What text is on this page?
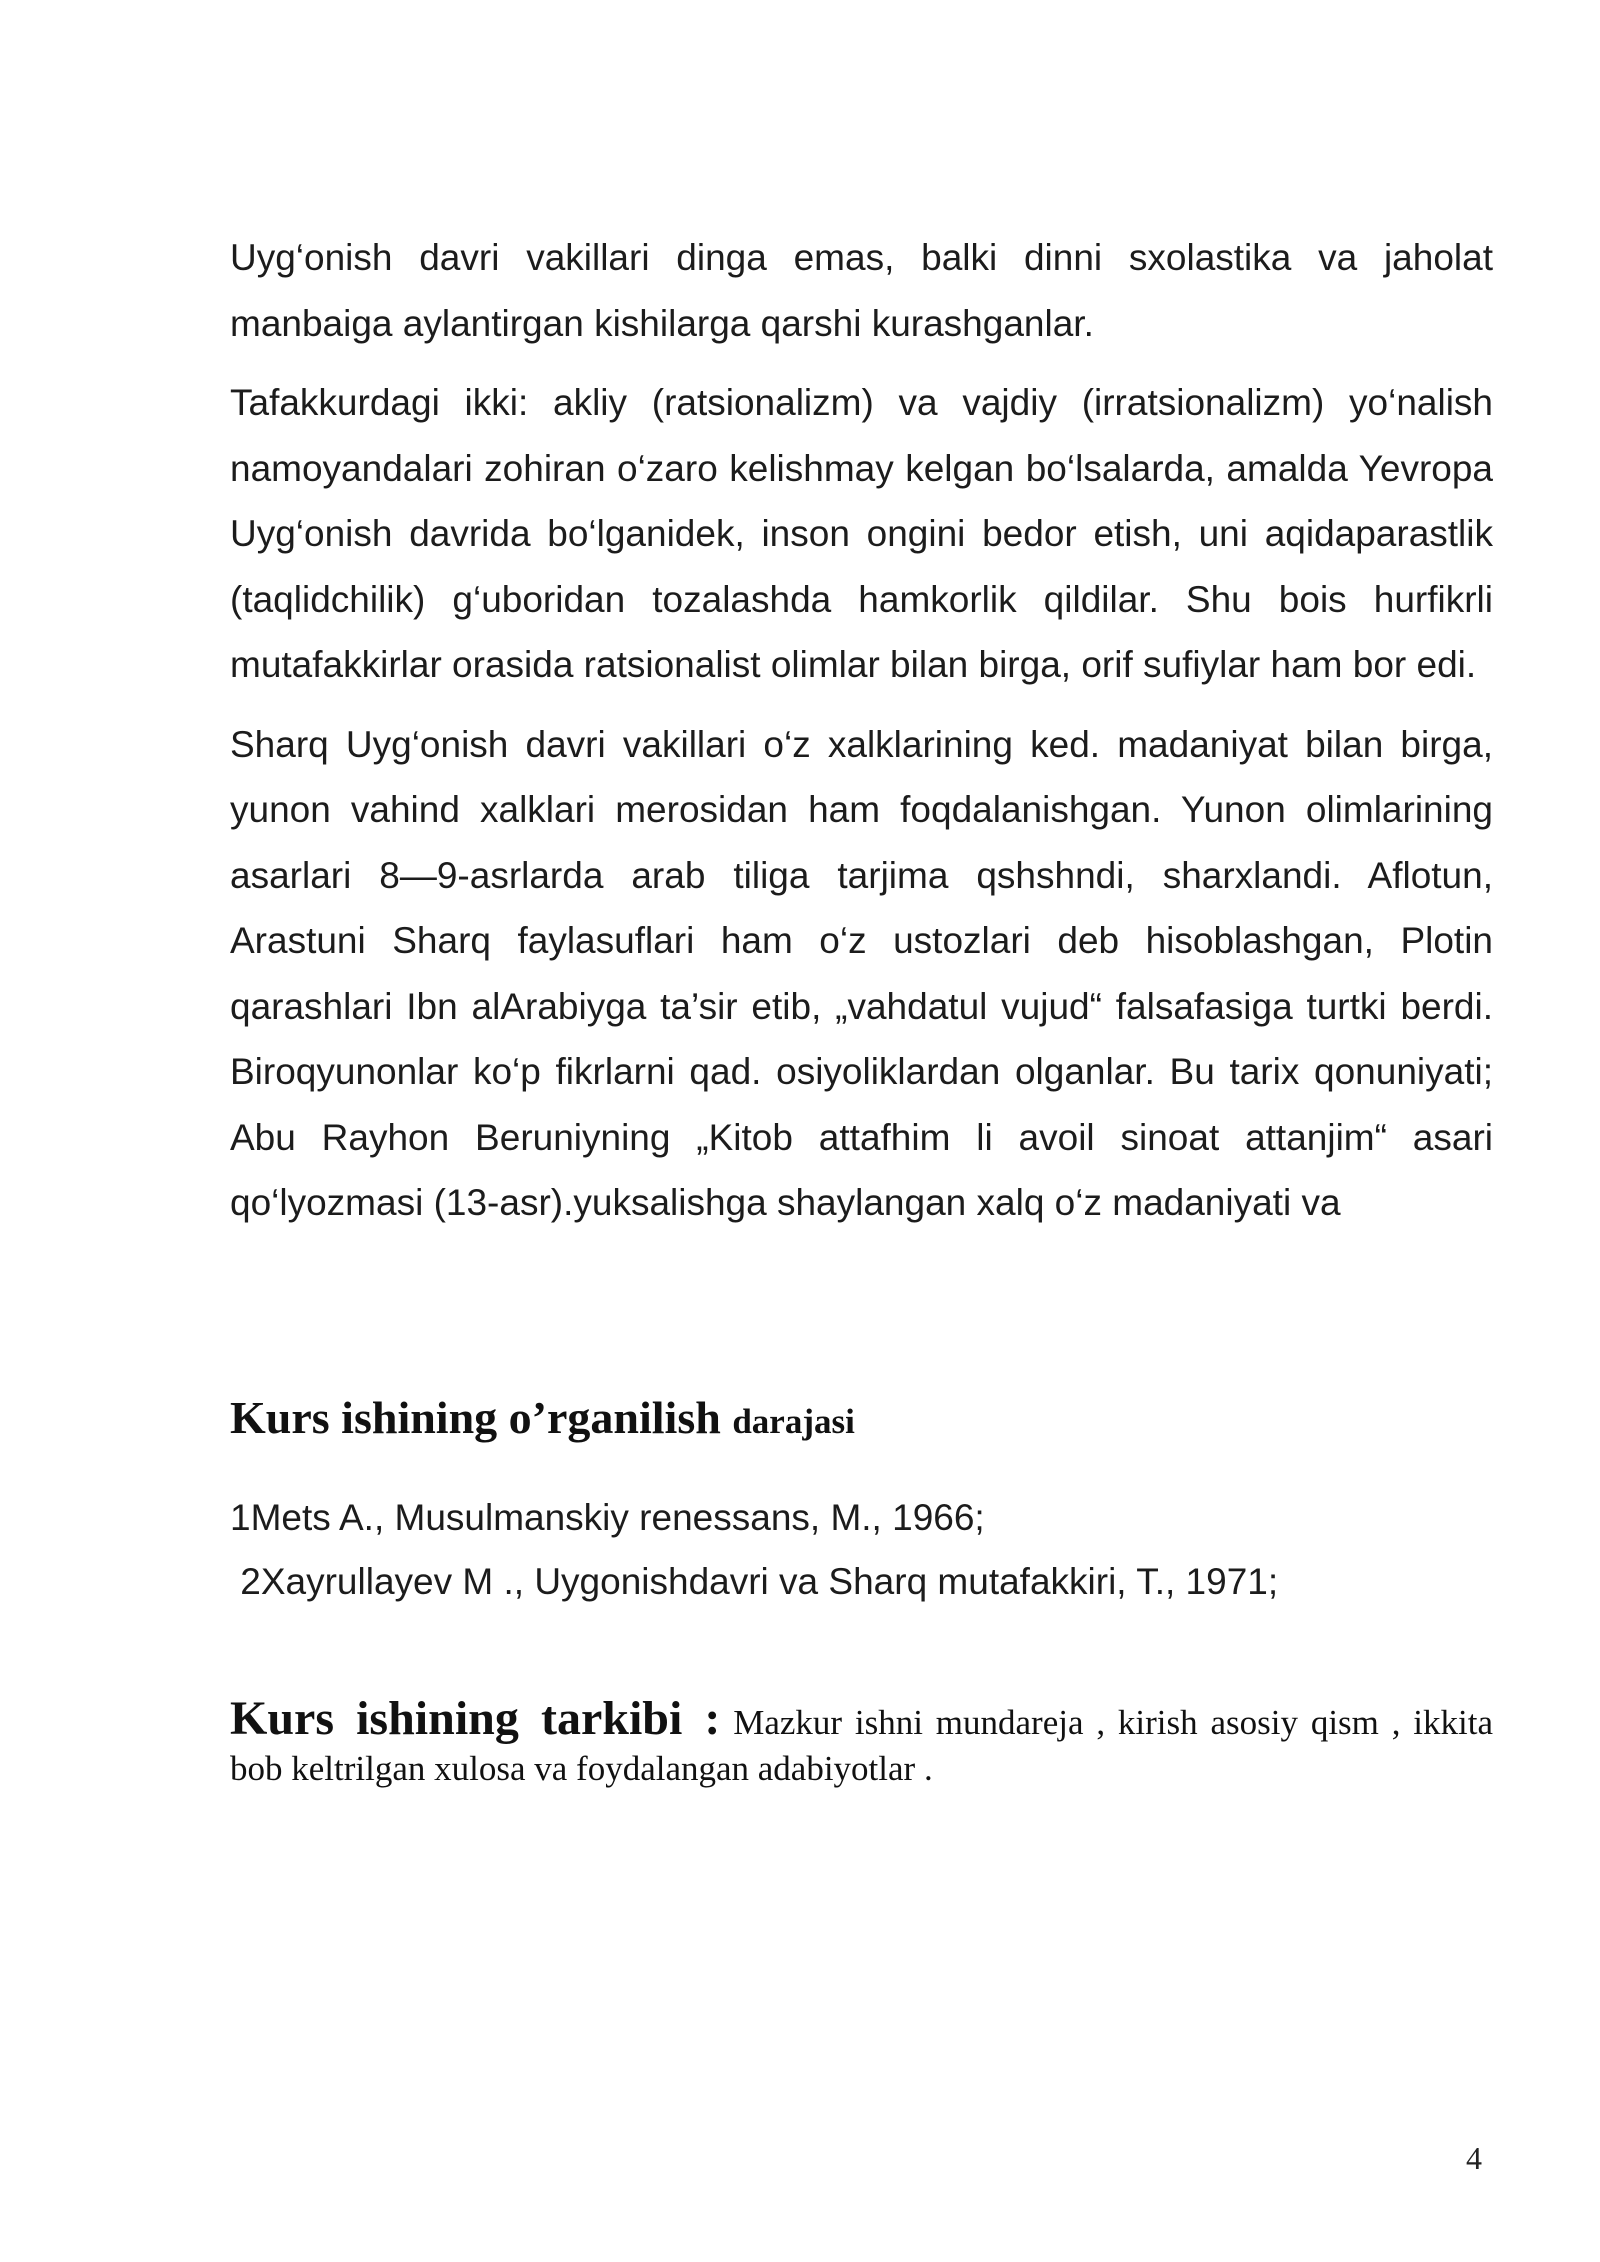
Uyg‘onish davri vakillari dinga emas, balki dinni sxolastika va jaholat manbaiga aylantirgan kishilarga qarshi kurashganlar.

Tafakkurdagi ikki: akliy (ratsionalizm) va vajdiy (irratsionalizm) yo‘nalish namoyandalari zohiran o‘zaro kelishmay kelgan bo‘lsalarda, amalda Yevropa Uyg‘onish davrida bo‘lganidek, inson ongini bedor etish, uni aqidaparastlik (taqlidchilik) g‘uboridan tozalashda hamkorlik qildilar. Shu bois hurfikrli mutafakkirlar orasida ratsionalist olimlar bilan birga, orif sufiylar ham bor edi.

Sharq Uyg‘onish davri vakillari o‘z xalklarining ked. madaniyat bilan birga, yunon vahind xalklari merosidan ham foqdalanishgan. Yunon olimlarining asarlari 8—9-asrlarda arab tiliga tarjima qshshndi, sharxlandi. Aflotun, Arastuni Sharq faylasuflari ham o‘z ustozlari deb hisoblashgan, Plotin qarashlari Ibn alArabiyga ta’sir etib, „vahdatul vujud“ falsafasiga turtki berdi. Biroqyunonlar ko‘p fikrlarni qad. osiyoliklardan olganlar. Bu tarix qonuniyati; Abu Rayhon Beruniyning „Kitob attafhim li avoil sinoat attanjim“ asari qo‘lyozmasi (13-asr).yuksalishga shaylangan xalq o‘z madaniyati va

Kurs ishining o’rganilish darajasi
1Mets A., Musulmanskiy renessans, M., 1966;
2Xayrullayev M ., Uygonishdavri va Sharq mutafakkiri, T., 1971;
Kurs ishining tarkibi : Mazkur ishni mundareja , kirish asosiy qism , ikkita bob keltrilgan xulosa va foydalangan adabiyotlar .
4
